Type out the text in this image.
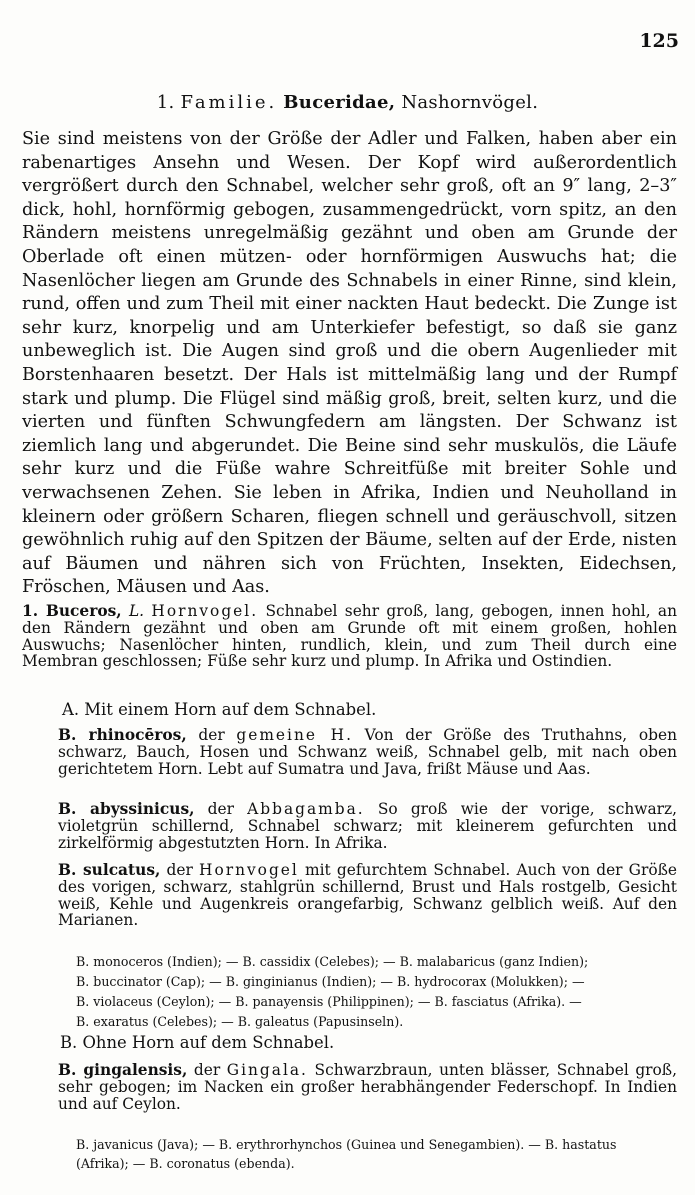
125
1. Familie. Buceridae, Nashornvögel.
Sie sind meistens von der Größe der Adler und Falken, haben aber ein rabenartiges Ansehn und Wesen. Der Kopf wird außerordentlich vergrößert durch den Schnabel, welcher sehr groß, oft an 9″ lang, 2–3″ dick, hohl, hornförmig gebogen, zusammengedrückt, vorn spitz, an den Rändern meistens unregelmäßig gezähnt und oben am Grunde der Oberlade oft einen mützen- oder hornförmigen Auswuchs hat; die Nasenlöcher liegen am Grunde des Schnabels in einer Rinne, sind klein, rund, offen und zum Theil mit einer nackten Haut bedeckt. Die Zunge ist sehr kurz, knorpelig und am Unterkiefer befestigt, so daß sie ganz unbeweglich ist. Die Augen sind groß und die obern Augenlieder mit Borstenhaaren besetzt. Der Hals ist mittelmäßig lang und der Rumpf stark und plump. Die Flügel sind mäßig groß, breit, selten kurz, und die vierten und fünften Schwungfedern am längsten. Der Schwanz ist ziemlich lang und abgerundet. Die Beine sind sehr muskulös, die Läufe sehr kurz und die Füße wahre Schreitfüße mit breiter Sohle und verwachsenen Zehen. Sie leben in Afrika, Indien und Neuholland in kleinern oder größern Scharen, fliegen schnell und geräuschvoll, sitzen gewöhnlich ruhig auf den Spitzen der Bäume, selten auf der Erde, nisten auf Bäumen und nähren sich von Früchten, Insekten, Eidechsen, Fröschen, Mäusen und Aas.
1. Buceros, L. Hornvogel. Schnabel sehr groß, lang, gebogen, innen hohl, an den Rändern gezähnt und oben am Grunde oft mit einem großen, hohlen Auswuchs; Nasenlöcher hinten, rundlich, klein, und zum Theil durch eine Membran geschlossen; Füße sehr kurz und plump. In Afrika und Ostindien.
A. Mit einem Horn auf dem Schnabel.
B. rhinocēros, der gemeine H. Von der Größe des Truthahns, oben schwarz, Bauch, Hosen und Schwanz weiß, Schnabel gelb, mit nach oben gerichtetem Horn. Lebt auf Sumatra und Java, frißt Mäuse und Aas.
B. abyssinicus, der Abbagamba. So groß wie der vorige, schwarz, violetgrün schillernd, Schnabel schwarz; mit kleinerem gefurchten und zirkelförmig abgestutzten Horn. In Afrika.
B. sulcatus, der Hornvogel mit gefurchtem Schnabel. Auch von der Größe des vorigen, schwarz, stahlgrün schillernd, Brust und Hals rostgelb, Gesicht weiß, Kehle und Augenkreis orangefarbig, Schwanz gelblich weiß. Auf den Marianen.
B. monoceros (Indien); — B. cassidix (Celebes); — B. malabaricus (ganz Indien);
B. buccinator (Cap); — B. ginginianus (Indien); — B. hydrocorax (Molukken); —
B. violaceus (Ceylon); — B. panayensis (Philippinen); — B. fasciatus (Afrika). —
B. exaratus (Celebes); — B. galeatus (Papusinseln).
B. Ohne Horn auf dem Schnabel.
B. gingalensis, der Gingala. Schwarzbraun, unten blässer, Schnabel groß, sehr gebogen; im Nacken ein großer herabhängender Federschopf. In Indien und auf Ceylon.
B. javanicus (Java); — B. erythrorhynchos (Guinea und Senegambien). — B. hastatus (Afrika); — B. coronatus (ebenda).
